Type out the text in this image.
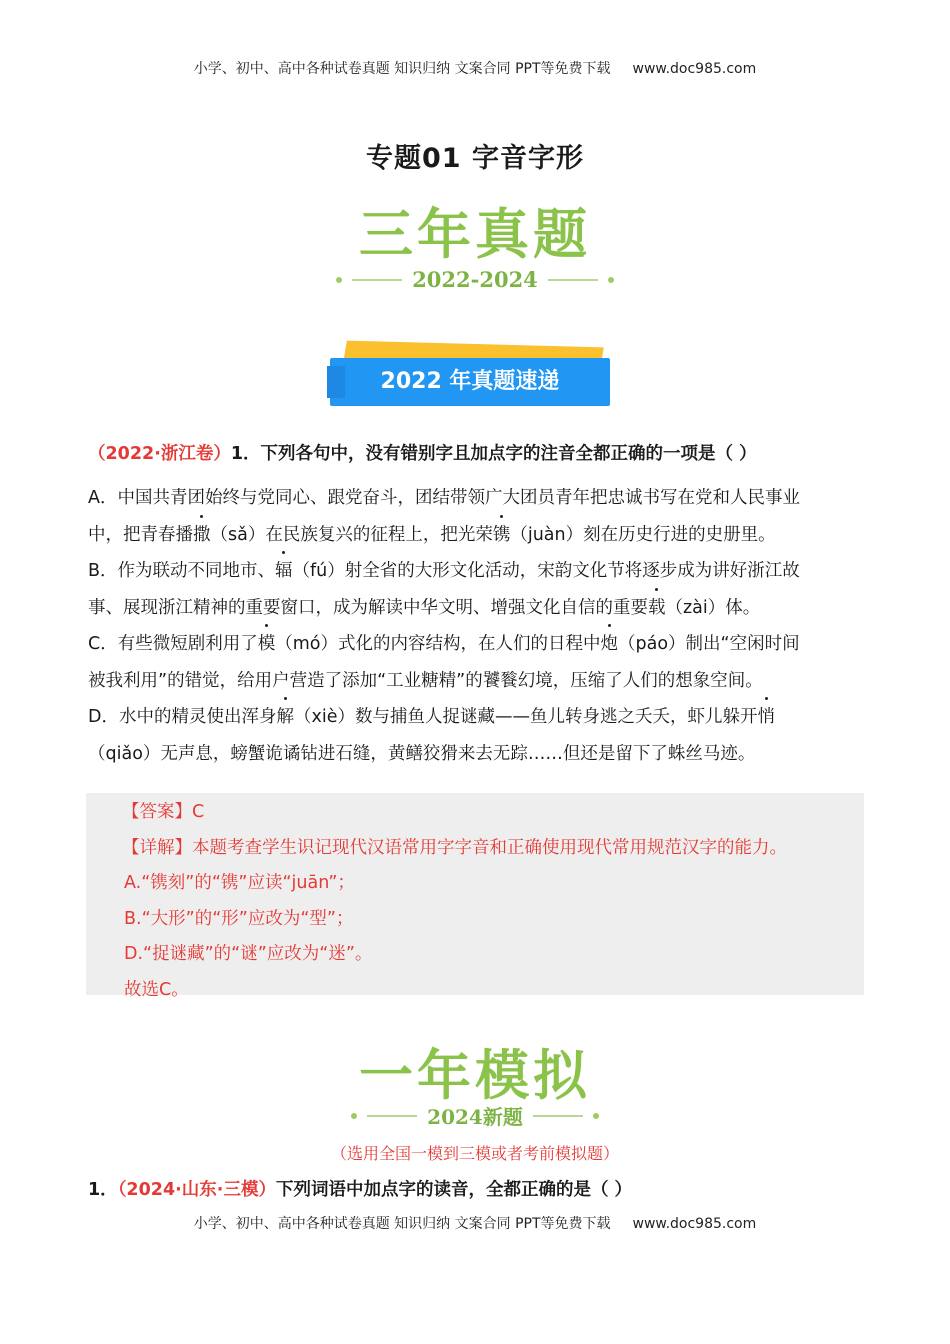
小学、初中、高中各种试卷真题 知识归纳 文案合同 PPT等免费下载 www.doc985.com
专题01 字音字形
三年真题
2022-2024
2022 年真题速递
（2022·浙江卷）1．下列各句中，没有错别字且加点字的注音全都正确的一项是（ ）

A．中国共青团始终与党同心、跟党奋斗，团结带领广大团员青年把忠诚书写在党和人民事业
中，把青春播撒（sǎ）在民族复兴的征程上，把光荣镌（juàn）刻在历史行进的史册里。

B．作为联动不同地市、辐（fú）射全省的大形文化活动，宋韵文化节将逐步成为讲好浙江故
事、展现浙江精神的重要窗口，成为解读中华文明、增强文化自信的重要载（zài）体。

C．有些微短剧利用了模（mó）式化的内容结构，在人们的日程中炮（páo）制出“空闲时间
被我利用”的错觉，给用户营造了添加“工业糖精”的饕餮幻境，压缩了人们的想象空间。

D．水中的精灵使出浑身解（xiè）数与捕鱼人捉谜藏——鱼儿转身逃之夭夭，虾儿躲开悄
（qiǎo）无声息，螃蟹诡谲钻进石缝，黄鳝狡猾来去无踪……但还是留下了蛛丝马迹。

【答案】C
【详解】本题考查学生识记现代汉语常用字字音和正确使用现代常用规范汉字的能力。
A.“镌刻”的“镌”应读“juān”；
B.“大形”的“形”应改为“型”；
D.“捉谜藏”的“谜”应改为“迷”。
故选C。
一年模拟
2024新题
（选用全国一模到三模或者考前模拟题）
1．（2024·山东·三模）下列词语中加点字的读音，全都正确的是（ ）
小学、初中、高中各种试卷真题 知识归纳 文案合同 PPT等免费下载 www.doc985.com
